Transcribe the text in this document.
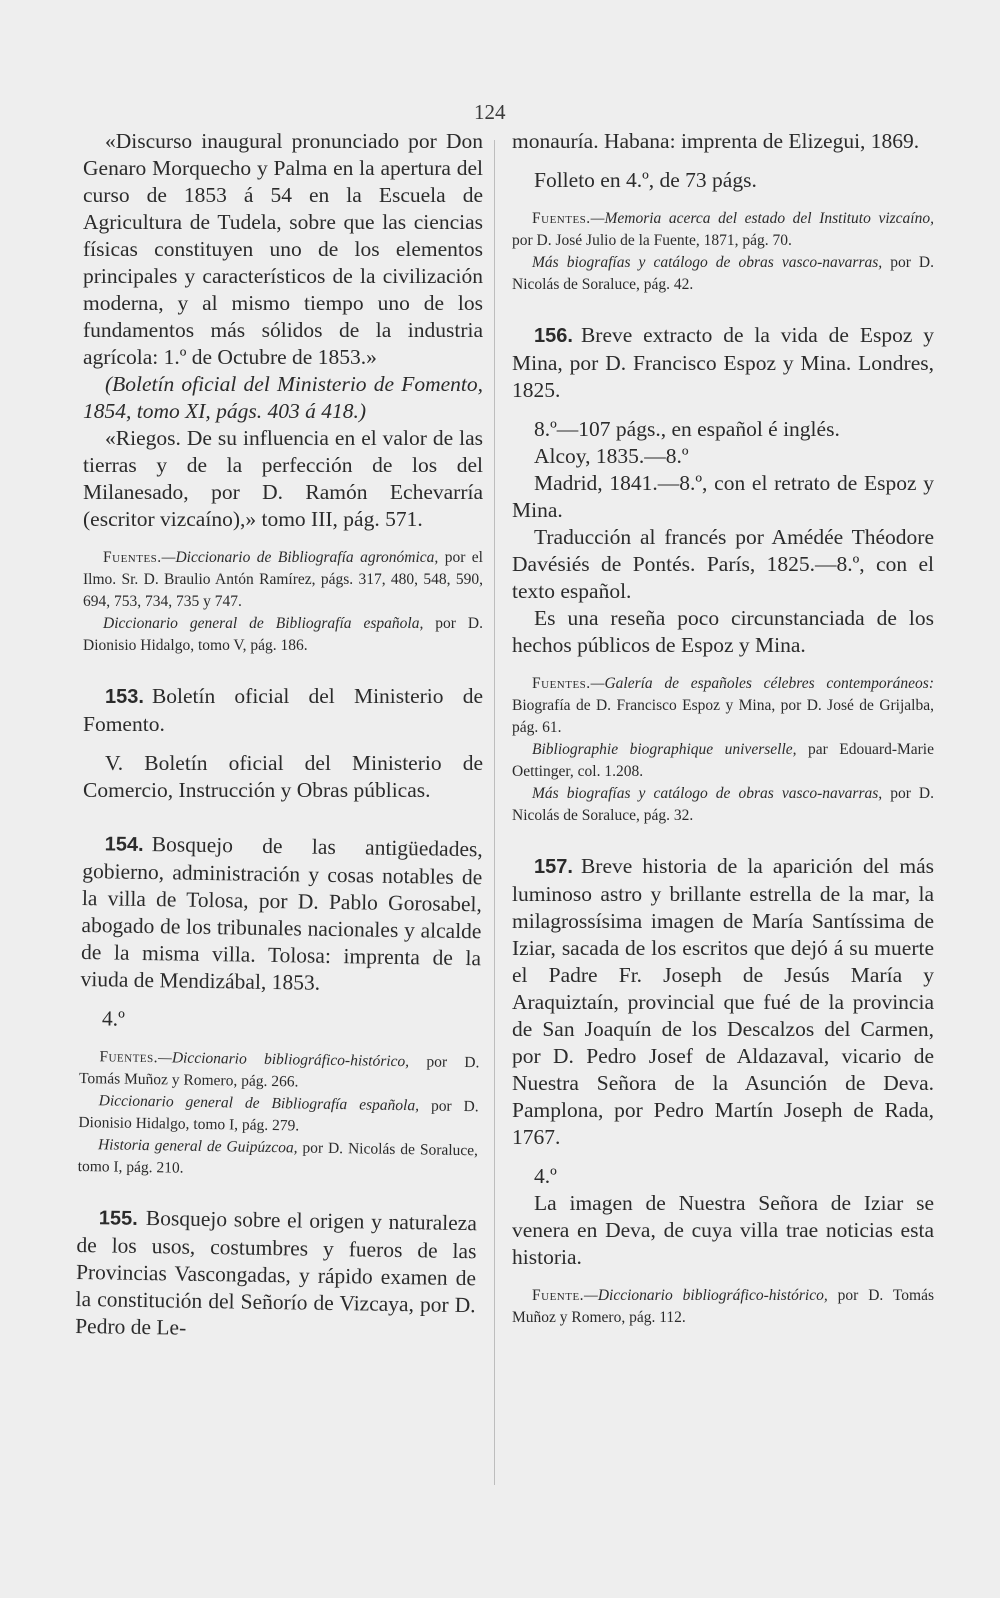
124

«Discurso inaugural pronunciado por Don Genaro Morquecho y Palma en la apertura del curso de 1853 á 54 en la Escuela de Agricultura de Tudela, sobre que las ciencias físicas constituyen uno de los elementos principales y característicos de la civilización moderna, y al mismo tiempo uno de los fundamentos más sólidos de la industria agrícola: 1.º de Octubre de 1853.»

(Boletín oficial del Ministerio de Fomento, 1854, tomo XI, págs. 403 á 418.)

«Riegos. De su influencia en el valor de las tierras y de la perfección de los del Milanesado, por D. Ramón Echevarría (escritor vizcaíno),» tomo III, pág. 571.

Fuentes.—Diccionario de Bibliografía agronómica, por el Ilmo. Sr. D. Braulio Antón Ramírez, págs. 317, 480, 548, 590, 694, 753, 734, 735 y 747.

Diccionario general de Bibliografía española, por D. Dionisio Hidalgo, tomo V, pág. 186.

153. Boletín oficial del Ministerio de Fomento.

V. Boletín oficial del Ministerio de Comercio, Instrucción y Obras públicas.

154. Bosquejo de las antigüedades, gobierno, administración y cosas notables de la villa de Tolosa, por D. Pablo Gorosabel, abogado de los tribunales nacionales y alcalde de la misma villa. Tolosa: imprenta de la viuda de Mendizábal, 1853.

4.º

Fuentes.—Diccionario bibliográfico-histórico, por D. Tomás Muñoz y Romero, pág. 266.

Diccionario general de Bibliografía española, por D. Dionisio Hidalgo, tomo I, pág. 279.

Historia general de Guipúzcoa, por D. Nicolás de Soraluce, tomo I, pág. 210.

155. Bosquejo sobre el origen y naturaleza de los usos, costumbres y fueros de las Provincias Vascongadas, y rápido examen de la constitución del Señorío de Vizcaya, por D. Pedro de Le-

monauría. Habana: imprenta de Elizegui, 1869.

Folleto en 4.º, de 73 págs.

Fuentes.—Memoria acerca del estado del Instituto vizcaíno, por D. José Julio de la Fuente, 1871, pág. 70.

Más biografías y catálogo de obras vasco-navarras, por D. Nicolás de Soraluce, pág. 42.

156. Breve extracto de la vida de Espoz y Mina, por D. Francisco Espoz y Mina. Londres, 1825.

8.º—107 págs., en español é inglés.

Alcoy, 1835.—8.º

Madrid, 1841.—8.º, con el retrato de Espoz y Mina.

Traducción al francés por Amédée Théodore Davésiés de Pontés. París, 1825.—8.º, con el texto español.

Es una reseña poco circunstanciada de los hechos públicos de Espoz y Mina.

Fuentes.—Galería de españoles célebres contemporáneos: Biografía de D. Francisco Espoz y Mina, por D. José de Grijalba, pág. 61.

Bibliographie biographique universelle, par Edouard-Marie Oettinger, col. 1.208.

Más biografías y catálogo de obras vasco-navarras, por D. Nicolás de Soraluce, pág. 32.

157. Breve historia de la aparición del más luminoso astro y brillante estrella de la mar, la milagrossísima imagen de María Santíssima de Iziar, sacada de los escritos que dejó á su muerte el Padre Fr. Joseph de Jesús María y Araquiztaín, provincial que fué de la provincia de San Joaquín de los Descalzos del Carmen, por D. Pedro Josef de Aldazaval, vicario de Nuestra Señora de la Asunción de Deva. Pamplona, por Pedro Martín Joseph de Rada, 1767.

4.º

La imagen de Nuestra Señora de Iziar se venera en Deva, de cuya villa trae noticias esta historia.

Fuente.—Diccionario bibliográfico-histórico, por D. Tomás Muñoz y Romero, pág. 112.
